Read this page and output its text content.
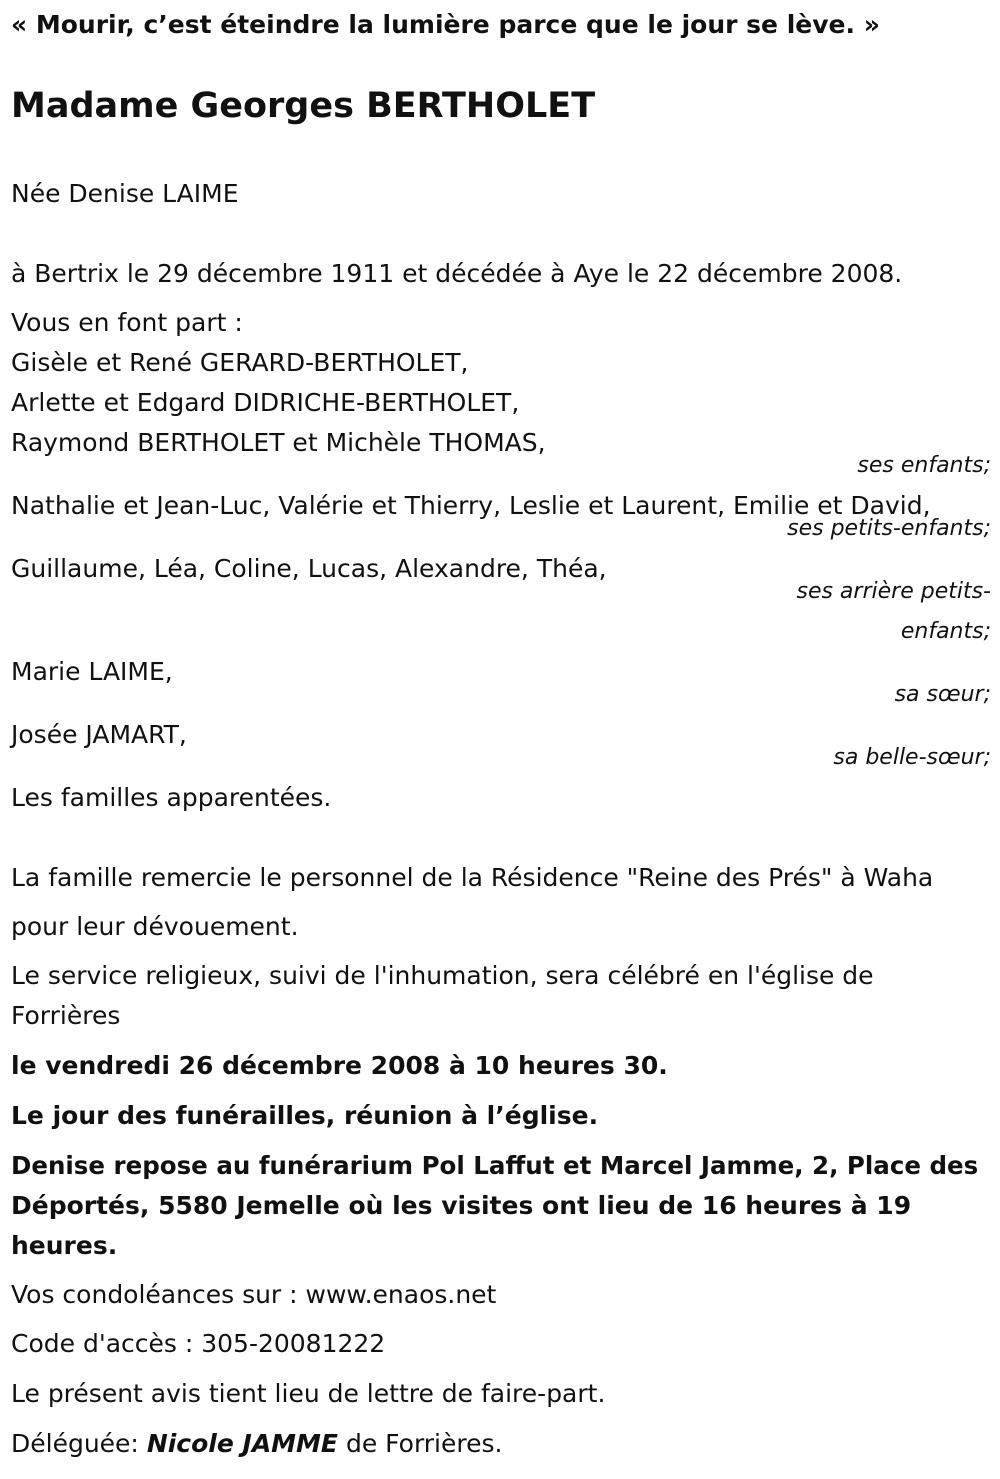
« Mourir, c’est éteindre la lumière parce que le jour se lève. »

Madame Georges BERTHOLET

Née Denise LAIME

à Bertrix le 29 décembre 1911 et décédée à Aye le 22 décembre 2008.

Vous en font part :

Gisèle et René GERARD-BERTHOLET,

Arlette et Edgard DIDRICHE-BERTHOLET,

Raymond BERTHOLET et Michèle THOMAS,

ses enfants;

Nathalie et Jean-Luc, Valérie et Thierry, Leslie et Laurent, Emilie et David,

ses petits-enfants;

Guillaume, Léa, Coline, Lucas, Alexandre, Théa,

ses arrière petits-

enfants;

Marie LAIME,

sa sœur;

Josée JAMART,

sa belle-sœur;

Les familles apparentées.

La famille remercie le personnel de la Résidence "Reine des Prés" à Waha

pour leur dévouement.

Le service religieux, suivi de l'inhumation, sera célébré en l'église de

Forrières

le vendredi 26 décembre 2008 à 10 heures 30.

Le jour des funérailles, réunion à l’église.

Denise repose au funérarium Pol Laffut et Marcel Jamme, 2, Place des

Déportés, 5580 Jemelle où les visites ont lieu de 16 heures à 19

heures.

Vos condoléances sur : www.enaos.net

Code d'accès : 305-20081222

Le présent avis tient lieu de lettre de faire-part.

Déléguée: Nicole JAMME de Forrières.
